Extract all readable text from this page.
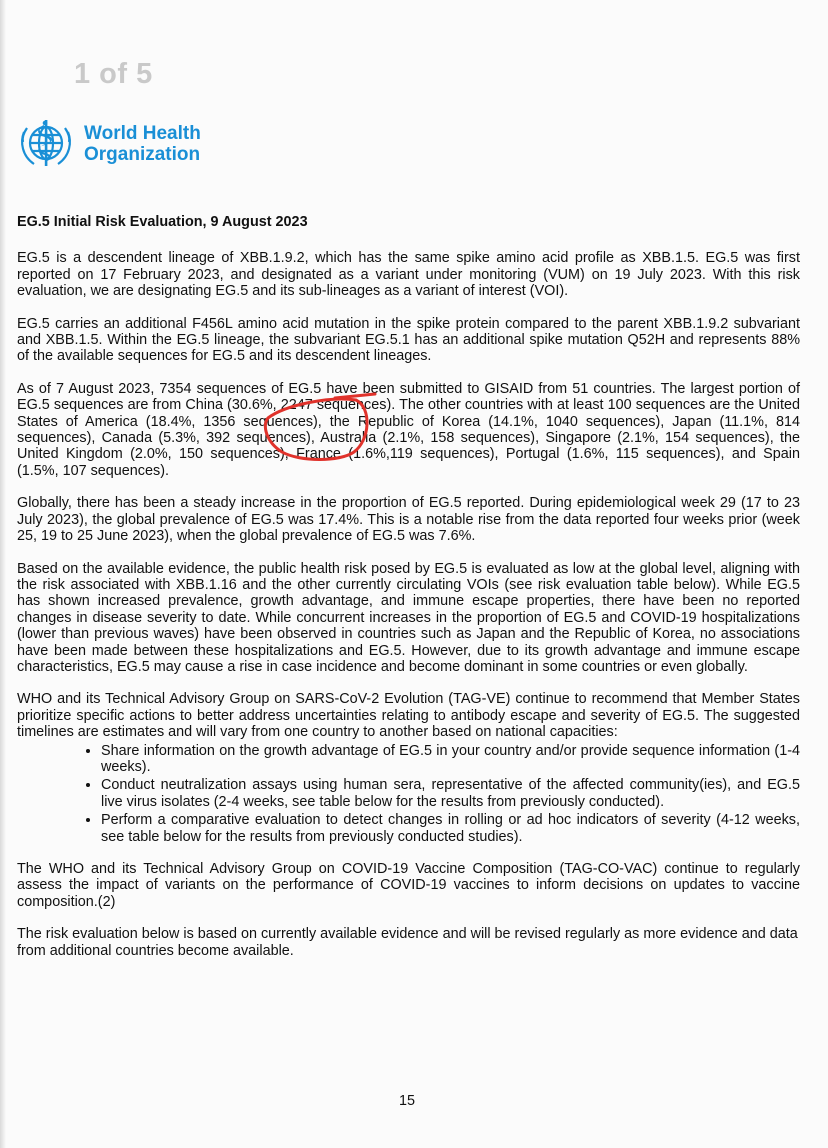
1 of 5
World Health
Organization
EG.5 Initial Risk Evaluation, 9 August 2023

EG.5 is a descendent lineage of XBB.1.9.2, which has the same spike amino acid profile as XBB.1.5. EG.5 was first reported on 17 February 2023, and designated as a variant under monitoring (VUM) on 19 July 2023. With this risk evaluation, we are designating EG.5 and its sub-lineages as a variant of interest (VOI).

EG.5 carries an additional F456L amino acid mutation in the spike protein compared to the parent XBB.1.9.2 subvariant and XBB.1.5. Within the EG.5 lineage, the subvariant EG.5.1 has an additional spike mutation Q52H and represents 88% of the available sequences for EG.5 and its descendent lineages.

As of 7 August 2023, 7354 sequences of EG.5 have been submitted to GISAID from 51 countries. The largest portion of EG.5 sequences are from China (30.6%, 2247 sequences). The other countries with at least 100 sequences are the United States of America (18.4%, 1356 sequences), the Republic of Korea (14.1%, 1040 sequences), Japan (11.1%, 814 sequences), Canada (5.3%, 392 sequences), Australia (2.1%, 158 sequences), Singapore (2.1%, 154 sequences), the United Kingdom (2.0%, 150 sequences), France (1.6%,119 sequences), Portugal (1.6%, 115 sequences), and Spain (1.5%, 107 sequences).

Globally, there has been a steady increase in the proportion of EG.5 reported. During epidemiological week 29 (17 to 23 July 2023), the global prevalence of EG.5 was 17.4%. This is a notable rise from the data reported four weeks prior (week 25, 19 to 25 June 2023), when the global prevalence of EG.5 was 7.6%.

Based on the available evidence, the public health risk posed by EG.5 is evaluated as low at the global level, aligning with the risk associated with XBB.1.16 and the other currently circulating VOIs (see risk evaluation table below). While EG.5 has shown increased prevalence, growth advantage, and immune escape properties, there have been no reported changes in disease severity to date. While concurrent increases in the proportion of EG.5 and COVID-19 hospitalizations (lower than previous waves) have been observed in countries such as Japan and the Republic of Korea, no associations have been made between these hospitalizations and EG.5. However, due to its growth advantage and immune escape characteristics, EG.5 may cause a rise in case incidence and become dominant in some countries or even globally.

WHO and its Technical Advisory Group on SARS-CoV-2 Evolution (TAG-VE) continue to recommend that Member States prioritize specific actions to better address uncertainties relating to antibody escape and severity of EG.5. The suggested timelines are estimates and will vary from one country to another based on national capacities:

• Share information on the growth advantage of EG.5 in your country and/or provide sequence information (1-4 weeks).
• Conduct neutralization assays using human sera, representative of the affected community(ies), and EG.5 live virus isolates (2-4 weeks, see table below for the results from previously conducted).
• Perform a comparative evaluation to detect changes in rolling or ad hoc indicators of severity (4-12 weeks, see table below for the results from previously conducted studies).

The WHO and its Technical Advisory Group on COVID-19 Vaccine Composition (TAG-CO-VAC) continue to regularly assess the impact of variants on the performance of COVID-19 vaccines to inform decisions on updates to vaccine composition.(2)

The risk evaluation below is based on currently available evidence and will be revised regularly as more evidence and data from additional countries become available.

15
